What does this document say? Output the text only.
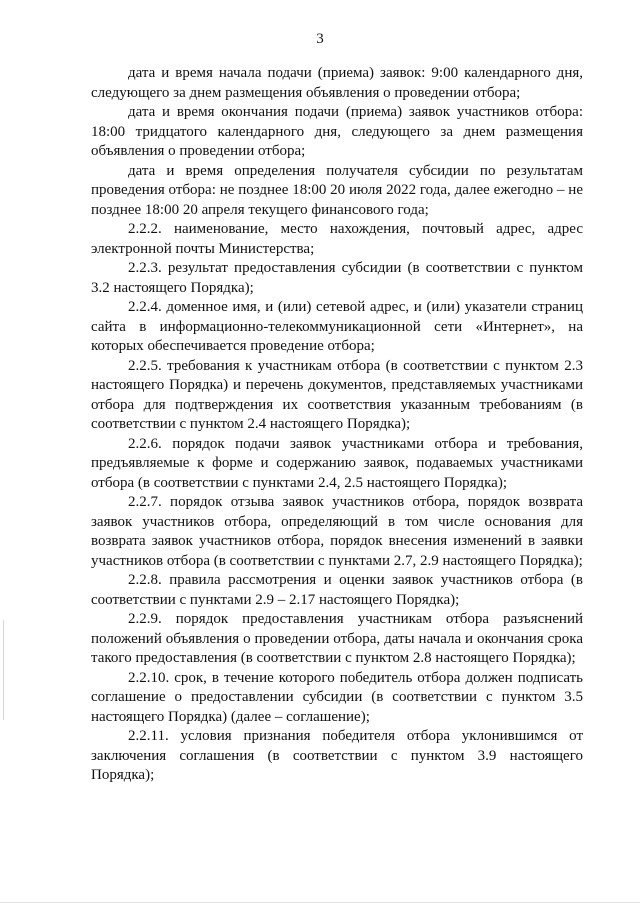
3

дата и время начала подачи (приема) заявок: 9:00 календарного дня, следующего за днем размещения объявления о проведении отбора;

дата и время окончания подачи (приема) заявок участников отбора: 18:00 тридцатого календарного дня, следующего за днем размещения объявления о проведении отбора;

дата и время определения получателя субсидии по результатам проведения отбора: не позднее 18:00 20 июля 2022 года, далее ежегодно – не позднее 18:00 20 апреля текущего финансового года;

2.2.2. наименование, место нахождения, почтовый адрес, адрес электронной почты Министерства;

2.2.3. результат предоставления субсидии (в соответствии с пунктом 3.2 настоящего Порядка);

2.2.4. доменное имя, и (или) сетевой адрес, и (или) указатели страниц сайта в информационно-телекоммуникационной сети «Интернет», на которых обеспечивается проведение отбора;

2.2.5. требования к участникам отбора (в соответствии с пунктом 2.3 настоящего Порядка) и перечень документов, представляемых участниками отбора для подтверждения их соответствия указанным требованиям (в соответствии с пунктом 2.4 настоящего Порядка);

2.2.6. порядок подачи заявок участниками отбора и требования, предъявляемые к форме и содержанию заявок, подаваемых участниками отбора (в соответствии с пунктами 2.4, 2.5 настоящего Порядка);

2.2.7. порядок отзыва заявок участников отбора, порядок возврата заявок участников отбора, определяющий в том числе основания для возврата заявок участников отбора, порядок внесения изменений в заявки участников отбора (в соответствии с пунктами 2.7, 2.9 настоящего Порядка);

2.2.8. правила рассмотрения и оценки заявок участников отбора (в соответствии с пунктами 2.9 – 2.17 настоящего Порядка);

2.2.9. порядок предоставления участникам отбора разъяснений положений объявления о проведении отбора, даты начала и окончания срока такого предоставления (в соответствии с пунктом 2.8 настоящего Порядка);

2.2.10. срок, в течение которого победитель отбора должен подписать соглашение о предоставлении субсидии (в соответствии с пунктом 3.5 настоящего Порядка) (далее – соглашение);

2.2.11. условия признания победителя отбора уклонившимся от заключения соглашения (в соответствии с пунктом 3.9 настоящего Порядка);
